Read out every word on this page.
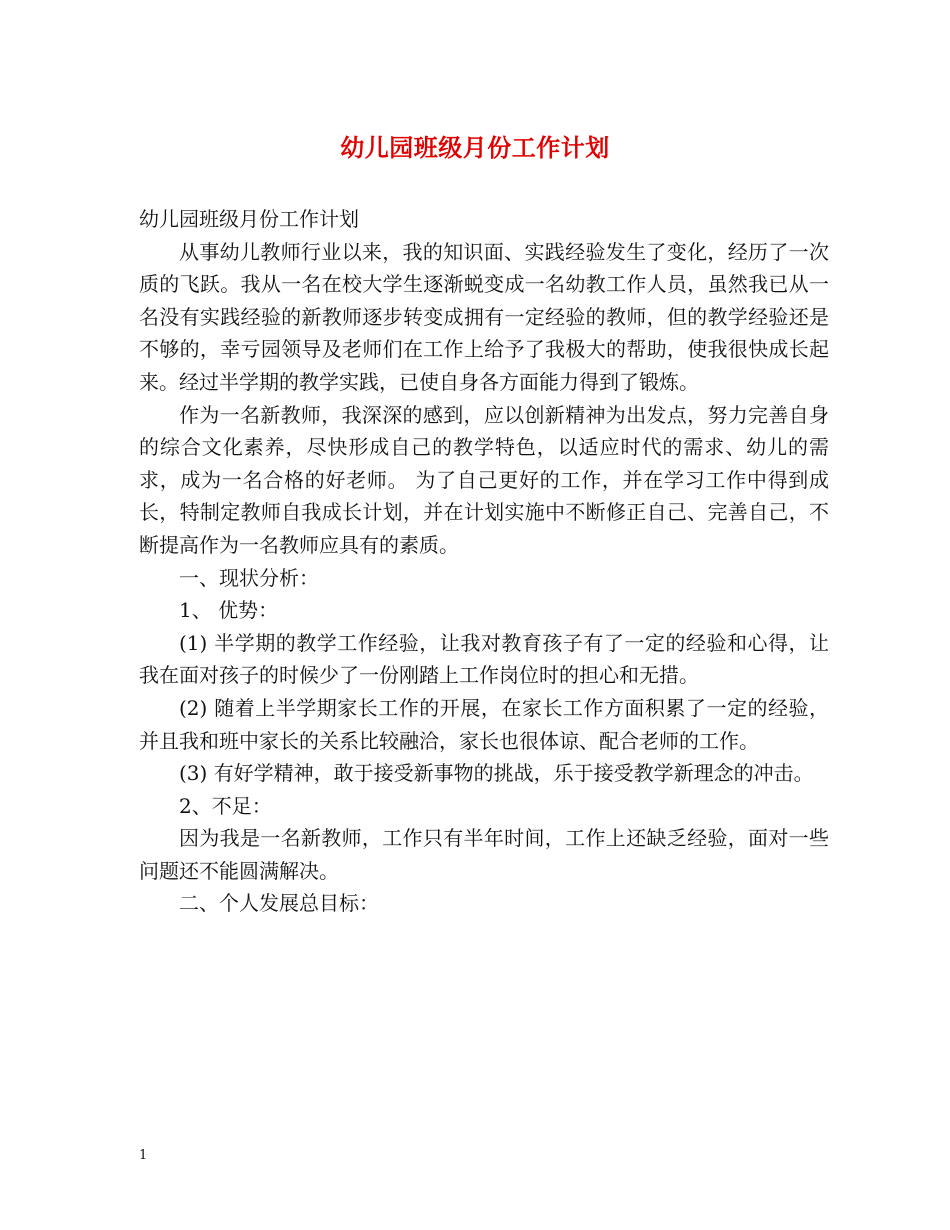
幼儿园班级月份工作计划

幼儿园班级月份工作计划

从事幼儿教师行业以来，我的知识面、实践经验发生了变化，经历了一次质的飞跃。我从一名在校大学生逐渐蜕变成一名幼教工作人员，虽然我已从一名没有实践经验的新教师逐步转变成拥有一定经验的教师，但的教学经验还是不够的，幸亏园领导及老师们在工作上给予了我极大的帮助，使我很快成长起来。经过半学期的教学实践，已使自身各方面能力得到了锻炼。

作为一名新教师，我深深的感到，应以创新精神为出发点，努力完善自身的综合文化素养，尽快形成自己的教学特色，以适应时代的需求、幼儿的需求，成为一名合格的好老师。 为了自己更好的工作，并在学习工作中得到成长，特制定教师自我成长计划，并在计划实施中不断修正自己、完善自己，不断提高作为一名教师应具有的素质。

一、现状分析：

1、 优势：

(1) 半学期的教学工作经验，让我对教育孩子有了一定的经验和心得，让我在面对孩子的时候少了一份刚踏上工作岗位时的担心和无措。

(2) 随着上半学期家长工作的开展，在家长工作方面积累了一定的经验，并且我和班中家长的关系比较融洽，家长也很体谅、配合老师的工作。

(3) 有好学精神，敢于接受新事物的挑战，乐于接受教学新理念的冲击。

2、不足：

因为我是一名新教师，工作只有半年时间，工作上还缺乏经验，面对一些问题还不能圆满解决。

二、个人发展总目标：

1
